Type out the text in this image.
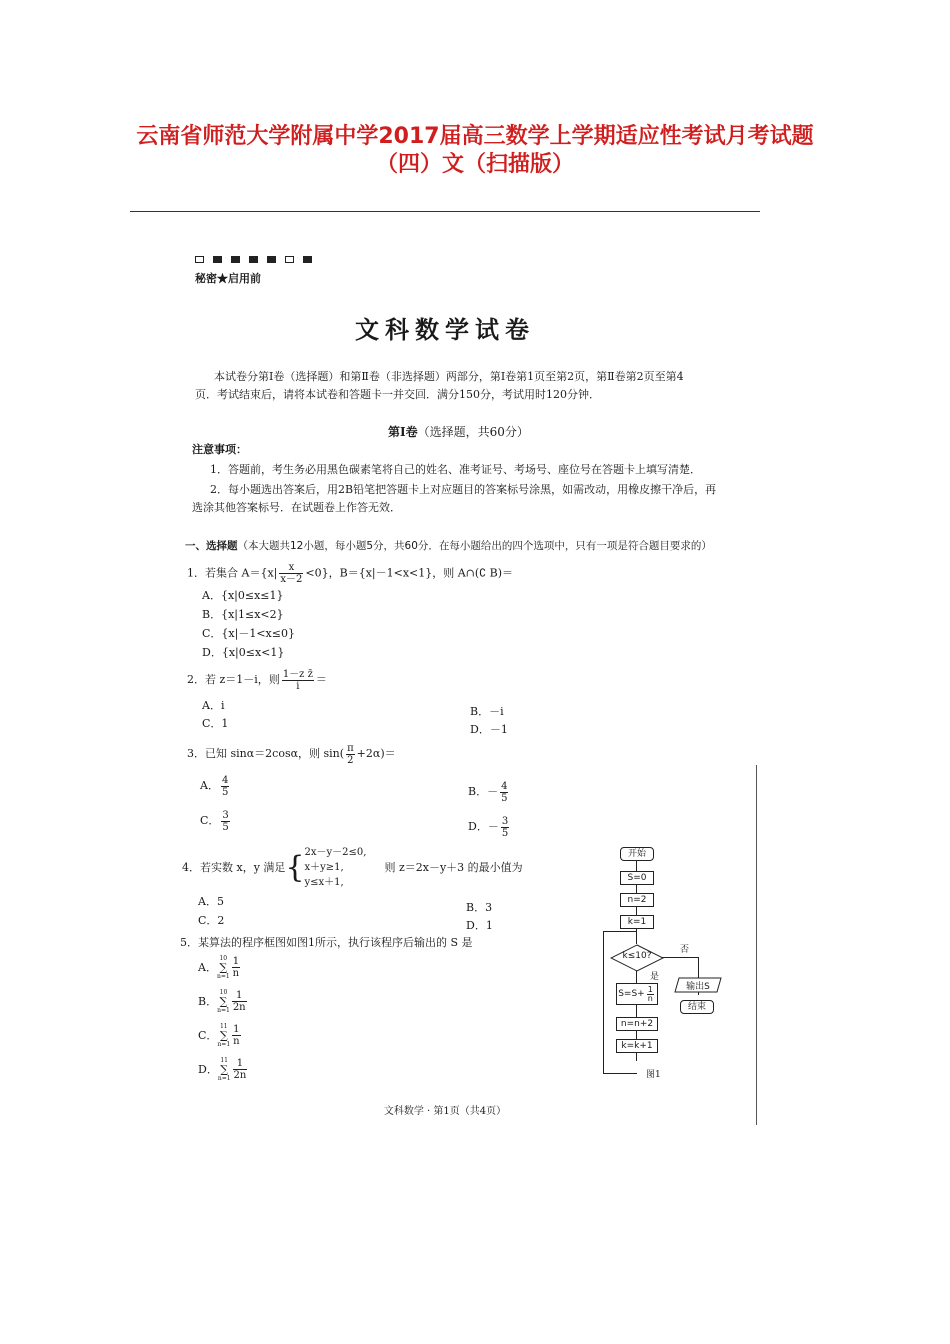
云南省师范大学附属中学2017届高三数学上学期适应性考试月考试题
（四）文（扫描版）
秘密★启用前
文科数学试卷
本试卷分第Ⅰ卷（选择题）和第Ⅱ卷（非选择题）两部分，第Ⅰ卷第1页至第2页，第Ⅱ卷第2页至第4
页．考试结束后，请将本试卷和答题卡一并交回．满分150分，考试用时120分钟．
第Ⅰ卷（选择题，共60分）
注意事项：
1．答题前，考生务必用黑色碳素笔将自己的姓名、准考证号、考场号、座位号在答题卡上填写清楚．
2．每小题选出答案后，用2B铅笔把答题卡上对应题目的答案标号涂黑，如需改动，用橡皮擦干净后，再
选涂其他答案标号．在试题卷上作答无效．
一、选择题（本大题共12小题，每小题5分，共60分．在每小题给出的四个选项中，只有一项是符合题目要求的）
1．若集合 $A=\{x| \frac{x}{x-2} <0\}$，B＝{x|－1<x<1}，则 A∩(∁ B)＝
A．{x|0≤x≤1}
B．{x|1≤x<2}
C．{x|－1<x≤0}
D．{x|0≤x<1}
2．若 z＝1－i，则 $\frac{\text{1－z z̄}}{i}$ ＝
A．i	B．－i
C．1	D．－1
3．已知 sinα＝2cosα，则 $\sin( \frac{\pi}{2} +2\alpha)=$
A． $\frac{4}{5}$	B．－ $\frac{4}{5}$
C． $\frac{3}{5}$	D．－ $\frac{3}{5}$
4．若实数 x，y 满足{ 2x－y－2≤0,
x＋y≥1,
y≤x＋1,
则 z＝2x－y＋3 的最小值为
A．5	B．3
C．2	D．1
5．某算法的程序框图如图1所示，执行该程序后输出的 S 是
A．
10
∑
$n=1 \frac{1}{n}$
B．
10
∑
$n=1 \frac{1}{2n}$
C．
11
∑
$n=1 \frac{1}{n}$
D．
11
∑
$n=1 \frac{1}{2n}$
开始
S=0
n=2
k=1
k≤10?
否
是
$S=S+ \frac{1}{n}$
n=n+2
k=k+1
输出S
结束
图1
文科数学 · 第1页（共4页）
